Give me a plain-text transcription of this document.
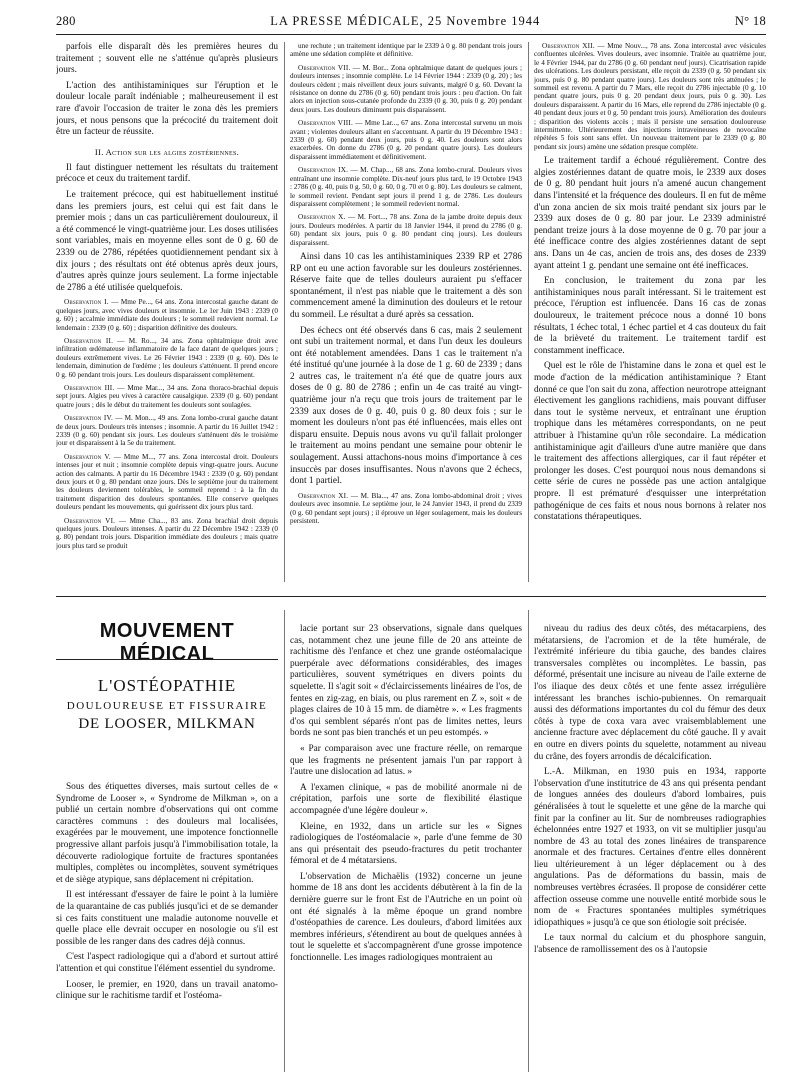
280	LA PRESSE MÉDICALE, 25 Novembre 1944	N° 18

parfois elle disparaît dès les premières heures du traitement ; souvent elle ne s'atténue qu'après plusieurs jours.

L'action des antihistaminiques sur l'éruption et le douleur locale paraît indéniable ; malheureusement il est rare d'avoir l'occasion de traiter le zona dès les premiers jours, et nous pensons que la précocité du traitement doit être un facteur de réussite.

II. Action sur les algies zostériennes.

Il faut distinguer nettement les résultats du traitement précoce et ceux du traitement tardif.

Le traitement précoce, qui est habituellement institué dans les premiers jours, est celui qui est fait dans le premier mois ; dans un cas particulièrement douloureux, il a été commencé le vingt-quatrième jour. Les doses utilisées sont variables, mais en moyenne elles sont de 0 g. 60 de 2339 ou de 2786, répétées quotidiennement pendant six à dix jours ; des résultats ont été obtenus après deux jours, d'autres après quinze jours seulement. La forme injectable de 2786 a été utilisée quelquefois.

Observation I. — Mme Pe..., 64 ans. Zona intercostal gauche datant de quelques jours, avec vives douleurs et insomnie. Le 1er Juin 1943 : 2339 (0 g. 60) ; accalmie immédiate des douleurs ; le sommeil redevient normal. Le lendemain : 2339 (0 g. 60) ; disparition définitive des douleurs.

Observation II. — M. Ro..., 34 ans. Zona ophtalmique droit avec infiltration œdémateuse inflammatoire de la face datant de quelques jours ; douleurs extrêmement vives. Le 26 Février 1943 : 2339 (0 g. 60). Dès le lendemain, diminution de l'œdème ; les douleurs s'atténuent. Il prend encore 0 g. 60 pendant trois jours. Les douleurs disparaissent complètement.

Observation III. — Mme Mar..., 34 ans. Zona thoraco-brachial depuis sept jours. Algies peu vives à caractère causalgique. 2339 (0 g. 60) pendant quatre jours ; dès le début du traitement les douleurs sont soulagées.

Observation IV. — M. Mon..., 49 ans. Zona lombo-crural gauche datant de deux jours. Douleurs très intenses ; insomnie. A partir du 16 Juillet 1942 : 2339 (0 g. 60) pendant six jours. Les douleurs s'atténuent dès le troisième jour et disparaissent à la 5e du traitement.

Observation V. — Mme M..., 77 ans. Zona intercostal droit. Douleurs intenses jour et nuit ; insomnie complète depuis vingt-quatre jours. Aucune action des calmants. A partir du 16 Décembre 1943 : 2339 (0 g. 60) pendant deux jours et 0 g. 80 pendant onze jours. Dès le septième jour du traitement les douleurs deviennent tolérables, le sommeil reprend : à la fin du traitement disparition des douleurs spontanées. Elle conserve quelques douleurs pendant les mouvements, qui guérissent dix jours plus tard.

Observation VI. — Mme Cha..., 83 ans. Zona brachial droit depuis quelques jours. Douleurs intenses. A partir du 22 Décembre 1942 : 2339 (0 g. 80) pendant trois jours. Disparition immédiate des douleurs ; mais quatre jours plus tard se produit

une rechute ; un traitement identique par le 2339 à 0 g. 80 pendant trois jours amène une sédation complète et définitive.

Observation VII. — M. Bor... Zona ophtalmique datant de quelques jours ; douleurs intenses ; insomnie complète. Le 14 Février 1944 : 2339 (0 g. 20) ; les douleurs cèdent ; mais réveillent deux jours suivants, malgré 0 g. 60. Devant la résistance on donne du 2786 (0 g. 60) pendant trois jours : peu d'action. On fait alors en injection sous-cutanée profonde du 2339 (0 g. 30, puis 0 g. 20) pendant deux jours. Les douleurs diminuent puis disparaissent.

Observation VIII. — Mme Lar..., 67 ans. Zona intercostal survenu un mois avant ; violentes douleurs allant en s'accentuant. A partir du 19 Décembre 1943 : 2339 (0 g. 60) pendant deux jours, puis 0 g. 40. Les douleurs sont alors exacerbées. On donne du 2786 (0 g. 20 pendant quatre jours). Les douleurs disparaissent immédiatement et définitivement.

Observation IX. — M. Chap..., 68 ans. Zona lombo-crural. Douleurs vives entraînant une insomnie complète. Dix-neuf jours plus tard, le 19 Octobre 1943 : 2786 (0 g. 40, puis 0 g. 50, 0 g. 60, 0 g. 70 et 0 g. 80). Les douleurs se calment, le sommeil revient. Pendant sept jours il prend 1 g. de 2786. Les douleurs disparaissent complètement ; le sommeil redevient normal.

Observation X. — M. Fort..., 78 ans. Zona de la jambe droite depuis deux jours. Douleurs modérées. A partir du 18 Janvier 1944, il prend du 2786 (0 g. 60) pendant six jours, puis 0 g. 80 pendant cinq jours). Les douleurs disparaissent.

Ainsi dans 10 cas les antihistaminiques 2339 RP et 2786 RP ont eu une action favorable sur les douleurs zostériennes. Réserve faite que de telles douleurs auraient pu s'effacer spontanément, il n'est pas niable que le traitement a dès son commencement amené la diminution des douleurs et le retour du sommeil. Le résultat a duré après sa cessation.

Des échecs ont été observés dans 6 cas, mais 2 seulement ont subi un traitement normal, et dans l'un deux les douleurs ont été notablement amendées. Dans 1 cas le traitement n'a été institué qu'une journée à la dose de 1 g. 60 de 2339 ; dans 2 autres cas, le traitement n'a été que de quatre jours aux doses de 0 g. 80 de 2786 ; enfin un 4e cas traité au vingt-quatrième jour n'a reçu que trois jours de traitement par le 2339 aux doses de 0 g. 40, puis 0 g. 80 deux fois ; sur le moment les douleurs n'ont pas été influencées, mais elles ont disparu ensuite. Depuis nous avons vu qu'il fallait prolonger le traitement au moins pendant une semaine pour obtenir le soulagement. Aussi attachons-nous moins d'importance à ces insuccès par doses insuffisantes. Nous n'avons que 2 échecs, dont 1 partiel.

Observation XI. — M. Bla..., 47 ans. Zona lombo-abdominal droit ; vives douleurs avec insomnie. Le septième jour, le 24 Janvier 1943, il prend du 2339 (0 g. 60 pendant sept jours) ; il éprouve un léger soulagement, mais les douleurs persistent.

Observation XII. — Mme Nouv..., 78 ans. Zona intercostal avec vésicules confluentes ulcérées. Vives douleurs, avec insomnie. Traitée au quatrième jour, le 4 Février 1944, par du 2786 (0 g. 60 pendant neuf jours). Cicatrisation rapide des ulcérations. Les douleurs persistant, elle reçoit du 2339 (0 g. 50 pendant six jours, puis 0 g. 80 pendant quatre jours). Les douleurs sont très atténuées ; le sommeil est revenu. A partir du 7 Mars, elle reçoit du 2786 injectable (0 g. 10 pendant quatre jours, puis 0 g. 20 pendant deux jours, puis 0 g. 30). Les douleurs disparaissent. A partir du 16 Mars, elle reprend du 2786 injectable (0 g. 40 pendant deux jours et 0 g. 50 pendant trois jours). Amélioration des douleurs ; disparition des violents accès ; mais il persiste une sensation douloureuse intermittente. Ultérieurement des injections intraveineuses de novocaïne répétées 5 fois sont sans effet. Un nouveau traitement par le 2339 (0 g. 80 pendant six jours) amène une sédation presque complète.

Le traitement tardif a échoué régulièrement. Contre des algies zostériennes datant de quatre mois, le 2339 aux doses de 0 g. 80 pendant huit jours n'a amené aucun changement dans l'intensité et la fréquence des douleurs. Il en fut de même d'un zona ancien de six mois traité pendant six jours par le 2339 aux doses de 0 g. 80 par jour. Le 2339 administré pendant treize jours à la dose moyenne de 0 g. 70 par jour a été inefficace contre des algies zostériennes datant de sept ans. Dans un 4e cas, ancien de trois ans, des doses de 2339 ayant atteint 1 g. pendant une semaine ont été inefficaces.

En conclusion, le traitement du zona par les antihistaminiques nous paraît intéressant. Si le traitement est précoce, l'éruption est influencée. Dans 16 cas de zonas douloureux, le traitement précoce nous a donné 10 bons résultats, 1 échec total, 1 échec partiel et 4 cas douteux du fait de la brièveté du traitement. Le traitement tardif est constamment inefficace.

Quel est le rôle de l'histamine dans le zona et quel est le mode d'action de la médication antihistaminique ? Etant donné ce que l'on sait du zona, affection neurotrope atteignant électivement les ganglions rachidiens, mais pouvant diffuser dans tout le système nerveux, et entraînant une éruption trophique dans les métamères correspondants, on ne peut attribuer à l'histamine qu'un rôle secondaire. La médication antihistaminique agit d'ailleurs d'une autre manière que dans le traitement des affections allergiques, car il faut répéter et prolonger les doses. C'est pourquoi nous nous demandons si cette série de cures ne possède pas une action antalgique propre. Il est prématuré d'esquisser une interprétation pathogénique de ces faits et nous nous bornons à relater nos constatations thérapeutiques.

MOUVEMENT MÉDICAL
L'OSTÉOPATHIE
DOULOUREUSE ET FISSURAIRE
DE LOOSER, MILKMAN

Sous des étiquettes diverses, mais surtout celles de « Syndrome de Looser », « Syndrome de Milkman », on a publié un certain nombre d'observations qui ont comme caractères communs : des douleurs mal localisées, exagérées par le mouvement, une impotence fonctionnelle progressive allant parfois jusqu'à l'immobilisation totale, la découverte radiologique fortuite de fractures spontanées multiples, complètes ou incomplètes, souvent symétriques et de siège atypique, sans déplacement ni crépitation.

Il est intéressant d'essayer de faire le point à la lumière de la quarantaine de cas publiés jusqu'ici et de se demander si ces faits constituent une maladie autonome nouvelle et quelle place elle devrait occuper en nosologie ou s'il est possible de les ranger dans des cadres déjà connus.

C'est l'aspect radiologique qui a d'abord et surtout attiré l'attention et qui constitue l'élément essentiel du syndrome.

Looser, le premier, en 1920, dans un travail anatomo-clinique sur le rachitisme tardif et l'ostéoma-

lacie portant sur 23 observations, signale dans quelques cas, notamment chez une jeune fille de 20 ans atteinte de rachitisme dès l'enfance et chez une grande ostéomalacique puerpérale avec déformations considérables, des images particulières, souvent symétriques en divers points du squelette. Il s'agit soit « d'éclaircissements linéaires de l'os, de fentes en zig-zag, en biais, ou plus rarement en Z », soit « de plages claires de 10 à 15 mm. de diamètre ». « Les fragments d'os qui semblent séparés n'ont pas de limites nettes, leurs bords ne sont pas bien tranchés et un peu estompés. »

« Par comparaison avec une fracture réelle, on remarque que les fragments ne présentent jamais l'un par rapport à l'autre une dislocation ad latus. »

A l'examen clinique, « pas de mobilité anormale ni de crépitation, parfois une sorte de flexibilité élastique accompagnée d'une légère douleur ».

Kleine, en 1932, dans un article sur les « Signes radiologiques de l'ostéomalacie », parle d'une femme de 30 ans qui présentait des pseudo-fractures du petit trochanter fémoral et de 4 métatarsiens.

L'observation de Michaëlis (1932) concerne un jeune homme de 18 ans dont les accidents débutèrent à la fin de la dernière guerre sur le front Est de l'Autriche en un point où ont été signalés à la même époque un grand nombre d'ostéopathies de carence. Les douleurs, d'abord limitées aux membres inférieurs, s'étendirent au bout de quelques années à tout le squelette et s'accompagnèrent d'une grosse impotence fonctionnelle. Les images radiologiques montraient au

niveau du radius des deux côtés, des métacarpiens, des métatarsiens, de l'acromion et de la tête humérale, de l'extrémité inférieure du tibia gauche, des bandes claires transversales complètes ou incomplètes. Le bassin, pas déformé, présentait une incisure au niveau de l'aile externe de l'os iliaque des deux côtés et une fente assez irrégulière intéressant les branches ischio-pubiennes. On remarquait aussi des déformations importantes du col du fémur des deux côtés à type de coxa vara avec vraisemblablement une ancienne fracture avec déplacement du côté gauche. Il y avait en outre en divers points du squelette, notamment au niveau du crâne, des foyers arrondis de décalcification.

L.-A. Milkman, en 1930 puis en 1934, rapporte l'observation d'une institutrice de 43 ans qui présenta pendant de longues années des douleurs d'abord lombaires, puis généralisées à tout le squelette et une gêne de la marche qui finit par la confiner au lit. Sur de nombreuses radiographies échelonnées entre 1927 et 1933, on vit se multiplier jusqu'au nombre de 43 au total des zones linéaires de transparence anormale et des fractures. Certaines d'entre elles donnèrent lieu ultérieurement à un léger déplacement ou à des angulations. Pas de déformations du bassin, mais de nombreuses vertèbres écrasées. Il propose de considérer cette affection osseuse comme une nouvelle entité morbide sous le nom de « Fractures spontanées multiples symétriques idiopathiques » jusqu'à ce que son étiologie soit précisée.

Le taux normal du calcium et du phosphore sanguin, l'absence de ramollissement des os à l'autopsie
